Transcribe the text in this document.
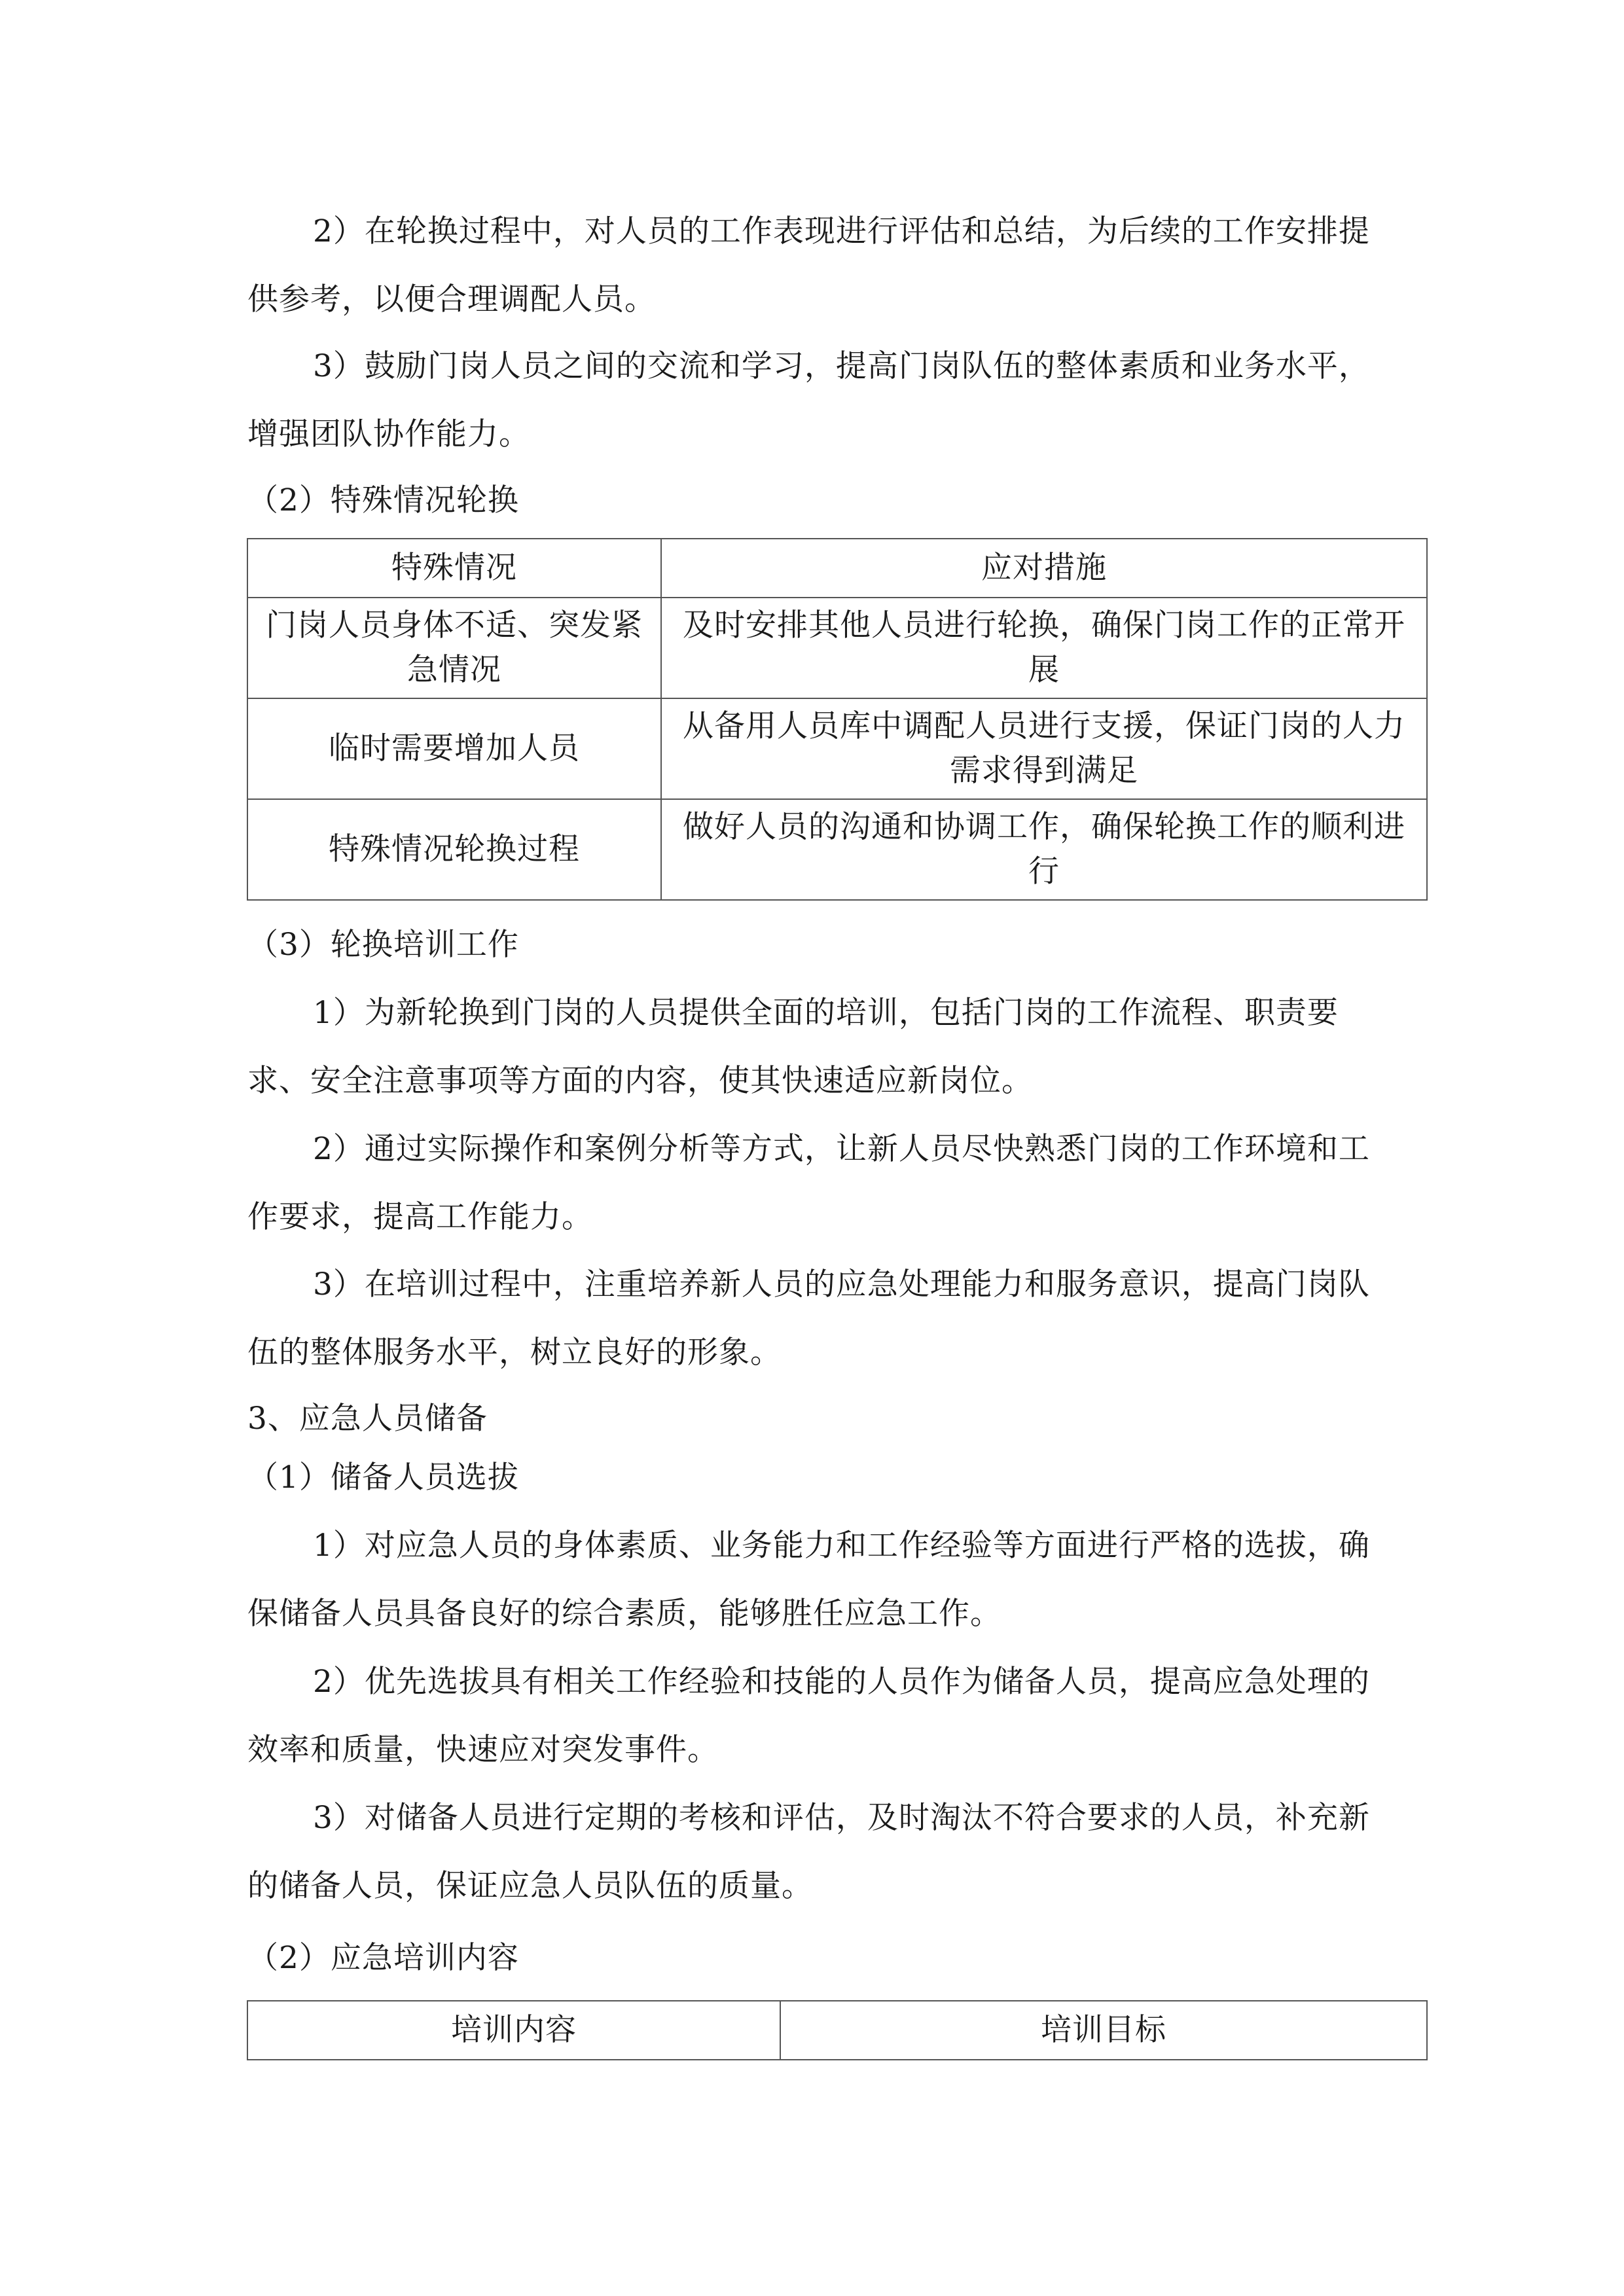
2）在轮换过程中，对人员的工作表现进行评估和总结，为后续的工作安排提供参考，以便合理调配人员。

3）鼓励门岗人员之间的交流和学习，提高门岗队伍的整体素质和业务水平，增强团队协作能力。

（2）特殊情况轮换

特殊情况	应对措施
门岗人员身体不适、突发紧急情况	及时安排其他人员进行轮换，确保门岗工作的正常开展
临时需要增加人员	从备用人员库中调配人员进行支援，保证门岗的人力需求得到满足
特殊情况轮换过程	做好人员的沟通和协调工作，确保轮换工作的顺利进行

（3）轮换培训工作

1）为新轮换到门岗的人员提供全面的培训，包括门岗的工作流程、职责要求、安全注意事项等方面的内容，使其快速适应新岗位。

2）通过实际操作和案例分析等方式，让新人员尽快熟悉门岗的工作环境和工作要求，提高工作能力。

3）在培训过程中，注重培养新人员的应急处理能力和服务意识，提高门岗队伍的整体服务水平，树立良好的形象。

3、应急人员储备

（1）储备人员选拔

1）对应急人员的身体素质、业务能力和工作经验等方面进行严格的选拔，确保储备人员具备良好的综合素质，能够胜任应急工作。

2）优先选拔具有相关工作经验和技能的人员作为储备人员，提高应急处理的效率和质量，快速应对突发事件。

3）对储备人员进行定期的考核和评估，及时淘汰不符合要求的人员，补充新的储备人员，保证应急人员队伍的质量。

（2）应急培训内容

培训内容	培训目标
